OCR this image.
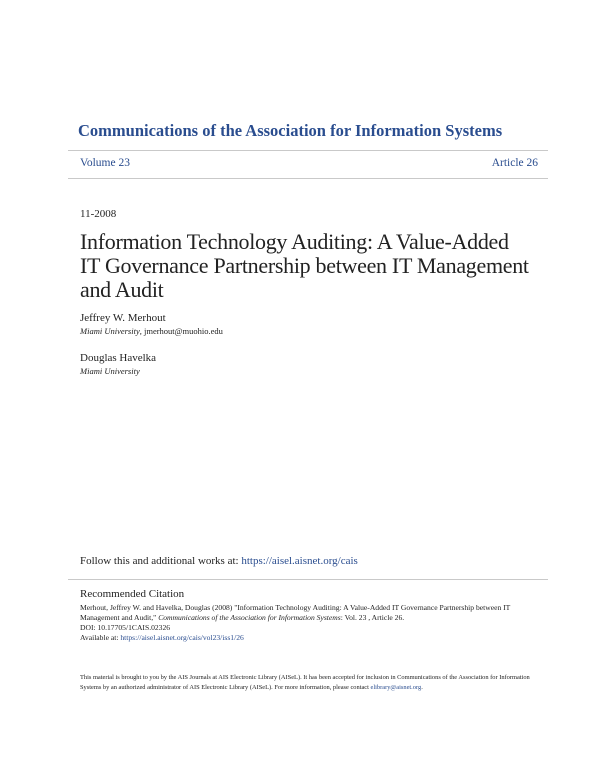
Communications of the Association for Information Systems
Volume 23	Article 26
11-2008
Information Technology Auditing: A Value-Added IT Governance Partnership between IT Management and Audit
Jeffrey W. Merhout
Miami University, jmerhout@muohio.edu
Douglas Havelka
Miami University
Follow this and additional works at: https://aisel.aisnet.org/cais
Recommended Citation
Merhout, Jeffrey W. and Havelka, Douglas (2008) "Information Technology Auditing: A Value-Added IT Governance Partnership between IT Management and Audit," Communications of the Association for Information Systems: Vol. 23 , Article 26.
DOI: 10.17705/1CAIS.02326
Available at: https://aisel.aisnet.org/cais/vol23/iss1/26
This material is brought to you by the AIS Journals at AIS Electronic Library (AISeL). It has been accepted for inclusion in Communications of the Association for Information Systems by an authorized administrator of AIS Electronic Library (AISeL). For more information, please contact elibrary@aisnet.org.
